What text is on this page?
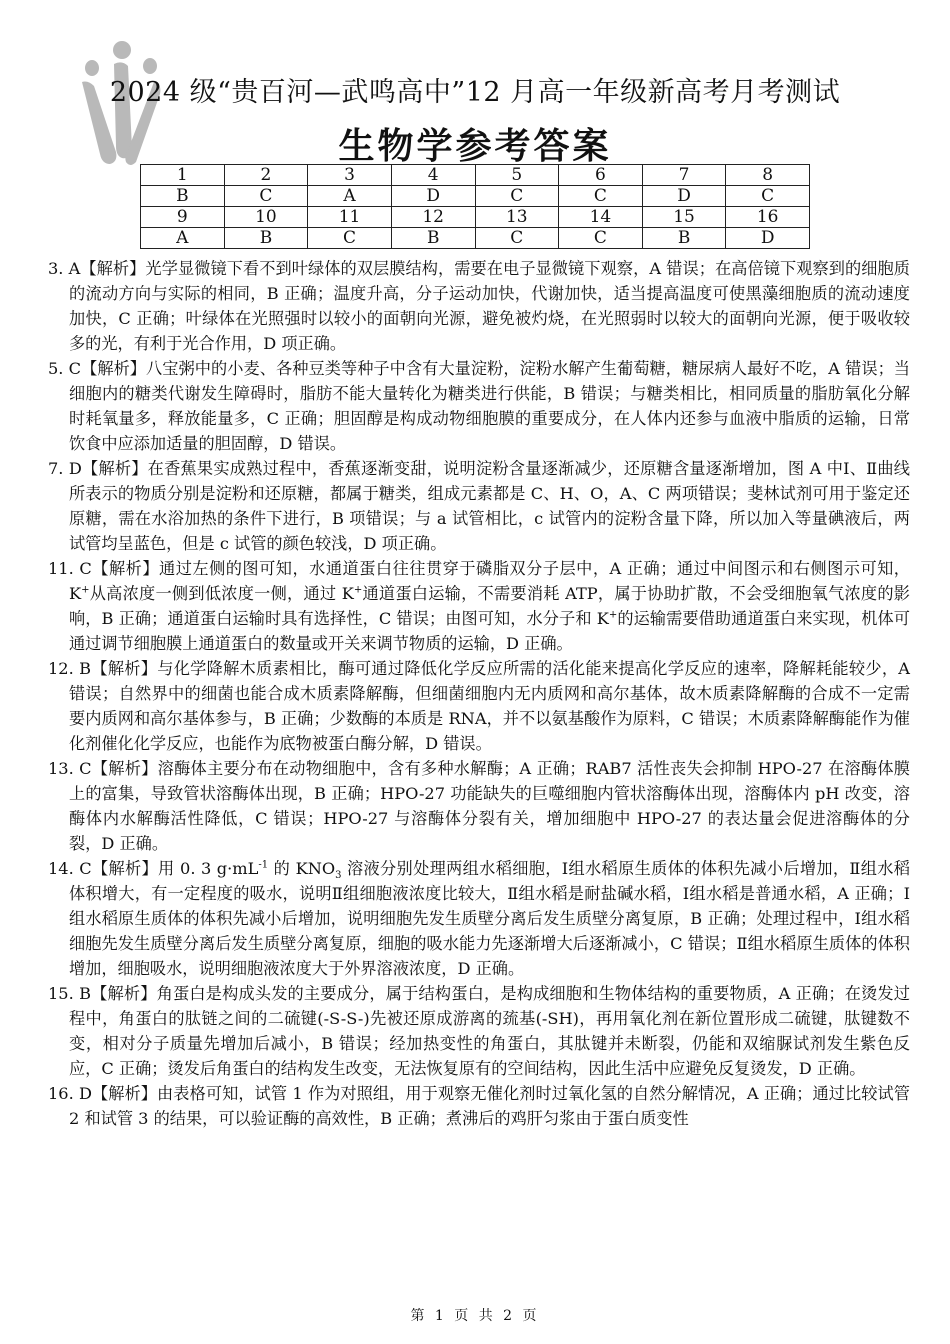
2024 级“贵百河—武鸣高中”12 月高一年级新高考月考测试
生物学参考答案
1	2	3	4	5	6	7	8
B	C	A	D	C	C	D	C
9	10	11	12	13	14	15	16
A	B	C	B	C	C	B	D

3. A【解析】光学显微镜下看不到叶绿体的双层膜结构，需要在电子显微镜下观察，A 错误；在高倍镜下观察到的细胞质的流动方向与实际的相同，B 正确；温度升高，分子运动加快，代谢加快，适当提高温度可使黑藻细胞质的流动速度加快，C 正确；叶绿体在光照强时以较小的面朝向光源，避免被灼烧，在光照弱时以较大的面朝向光源，便于吸收较多的光，有利于光合作用，D 项正确。

5. C【解析】八宝粥中的小麦、各种豆类等种子中含有大量淀粉，淀粉水解产生葡萄糖，糖尿病人最好不吃，A 错误；当细胞内的糖类代谢发生障碍时，脂肪不能大量转化为糖类进行供能，B 错误；与糖类相比，相同质量的脂肪氧化分解时耗氧量多，释放能量多，C 正确；胆固醇是构成动物细胞膜的重要成分，在人体内还参与血液中脂质的运输，日常饮食中应添加适量的胆固醇，D 错误。

7. D【解析】在香蕉果实成熟过程中，香蕉逐渐变甜，说明淀粉含量逐渐减少，还原糖含量逐渐增加，图 A 中Ⅰ、Ⅱ曲线所表示的物质分别是淀粉和还原糖，都属于糖类，组成元素都是 C、H、O，A、C 两项错误；斐林试剂可用于鉴定还原糖，需在水浴加热的条件下进行，B 项错误；与 a 试管相比，c 试管内的淀粉含量下降，所以加入等量碘液后，两试管均呈蓝色，但是 c 试管的颜色较浅，D 项正确。

11. C【解析】通过左侧的图可知，水通道蛋白往往贯穿于磷脂双分子层中，A 正确；通过中间图示和右侧图示可知，K+从高浓度一侧到低浓度一侧，通过 K+通道蛋白运输，不需要消耗 ATP，属于协助扩散，不会受细胞氧气浓度的影响，B 正确；通道蛋白运输时具有选择性，C 错误；由图可知，水分子和 K+的运输需要借助通道蛋白来实现，机体可通过调节细胞膜上通道蛋白的数量或开关来调节物质的运输，D 正确。

12. B【解析】与化学降解木质素相比，酶可通过降低化学反应所需的活化能来提高化学反应的速率，降解耗能较少，A 错误；自然界中的细菌也能合成木质素降解酶，但细菌细胞内无内质网和高尔基体，故木质素降解酶的合成不一定需要内质网和高尔基体参与，B 正确；少数酶的本质是 RNA，并不以氨基酸作为原料，C 错误；木质素降解酶能作为催化剂催化化学反应，也能作为底物被蛋白酶分解，D 错误。

13. C【解析】溶酶体主要分布在动物细胞中，含有多种水解酶；A 正确；RAB7 活性丧失会抑制 HPO-27 在溶酶体膜上的富集，导致管状溶酶体出现，B 正确；HPO-27 功能缺失的巨噬细胞内管状溶酶体出现，溶酶体内 pH 改变，溶酶体内水解酶活性降低，C 错误；HPO-27 与溶酶体分裂有关，增加细胞中 HPO-27 的表达量会促进溶酶体的分裂，D 正确。

14. C【解析】用 0. 3 $g\cdot mL^{-1}$ 的 $KNO_3$ 溶液分别处理两组水稻细胞，Ⅰ组水稻原生质体的体积先减小后增加，Ⅱ组水稻体积增大，有一定程度的吸水，说明Ⅱ组细胞液浓度比较大，Ⅱ组水稻是耐盐碱水稻，Ⅰ组水稻是普通水稻，A 正确；Ⅰ组水稻原生质体的体积先减小后增加，说明细胞先发生质壁分离后发生质壁分离复原，B 正确；处理过程中，Ⅰ组水稻细胞先发生质壁分离后发生质壁分离复原，细胞的吸水能力先逐渐增大后逐渐减小，C 错误；Ⅱ组水稻原生质体的体积增加，细胞吸水，说明细胞液浓度大于外界溶液浓度，D 正确。

15. B【解析】角蛋白是构成头发的主要成分，属于结构蛋白，是构成细胞和生物体结构的重要物质，A 正确；在烫发过程中，角蛋白的肽链之间的二硫键(-S-S-)先被还原成游离的巯基(-SH)，再用氧化剂在新位置形成二硫键，肽键数不变，相对分子质量先增加后减小，B 错误；经加热变性的角蛋白，其肽键并未断裂，仍能和双缩脲试剂发生紫色反应，C 正确；烫发后角蛋白的结构发生改变，无法恢复原有的空间结构，因此生活中应避免反复烫发，D 正确。

16. D【解析】由表格可知，试管 1 作为对照组，用于观察无催化剂时过氧化氢的自然分解情况，A 正确；通过比较试管 2 和试管 3 的结果，可以验证酶的高效性，B 正确；煮沸后的鸡肝匀浆由于蛋白质变性

第 1 页 共 2 页
